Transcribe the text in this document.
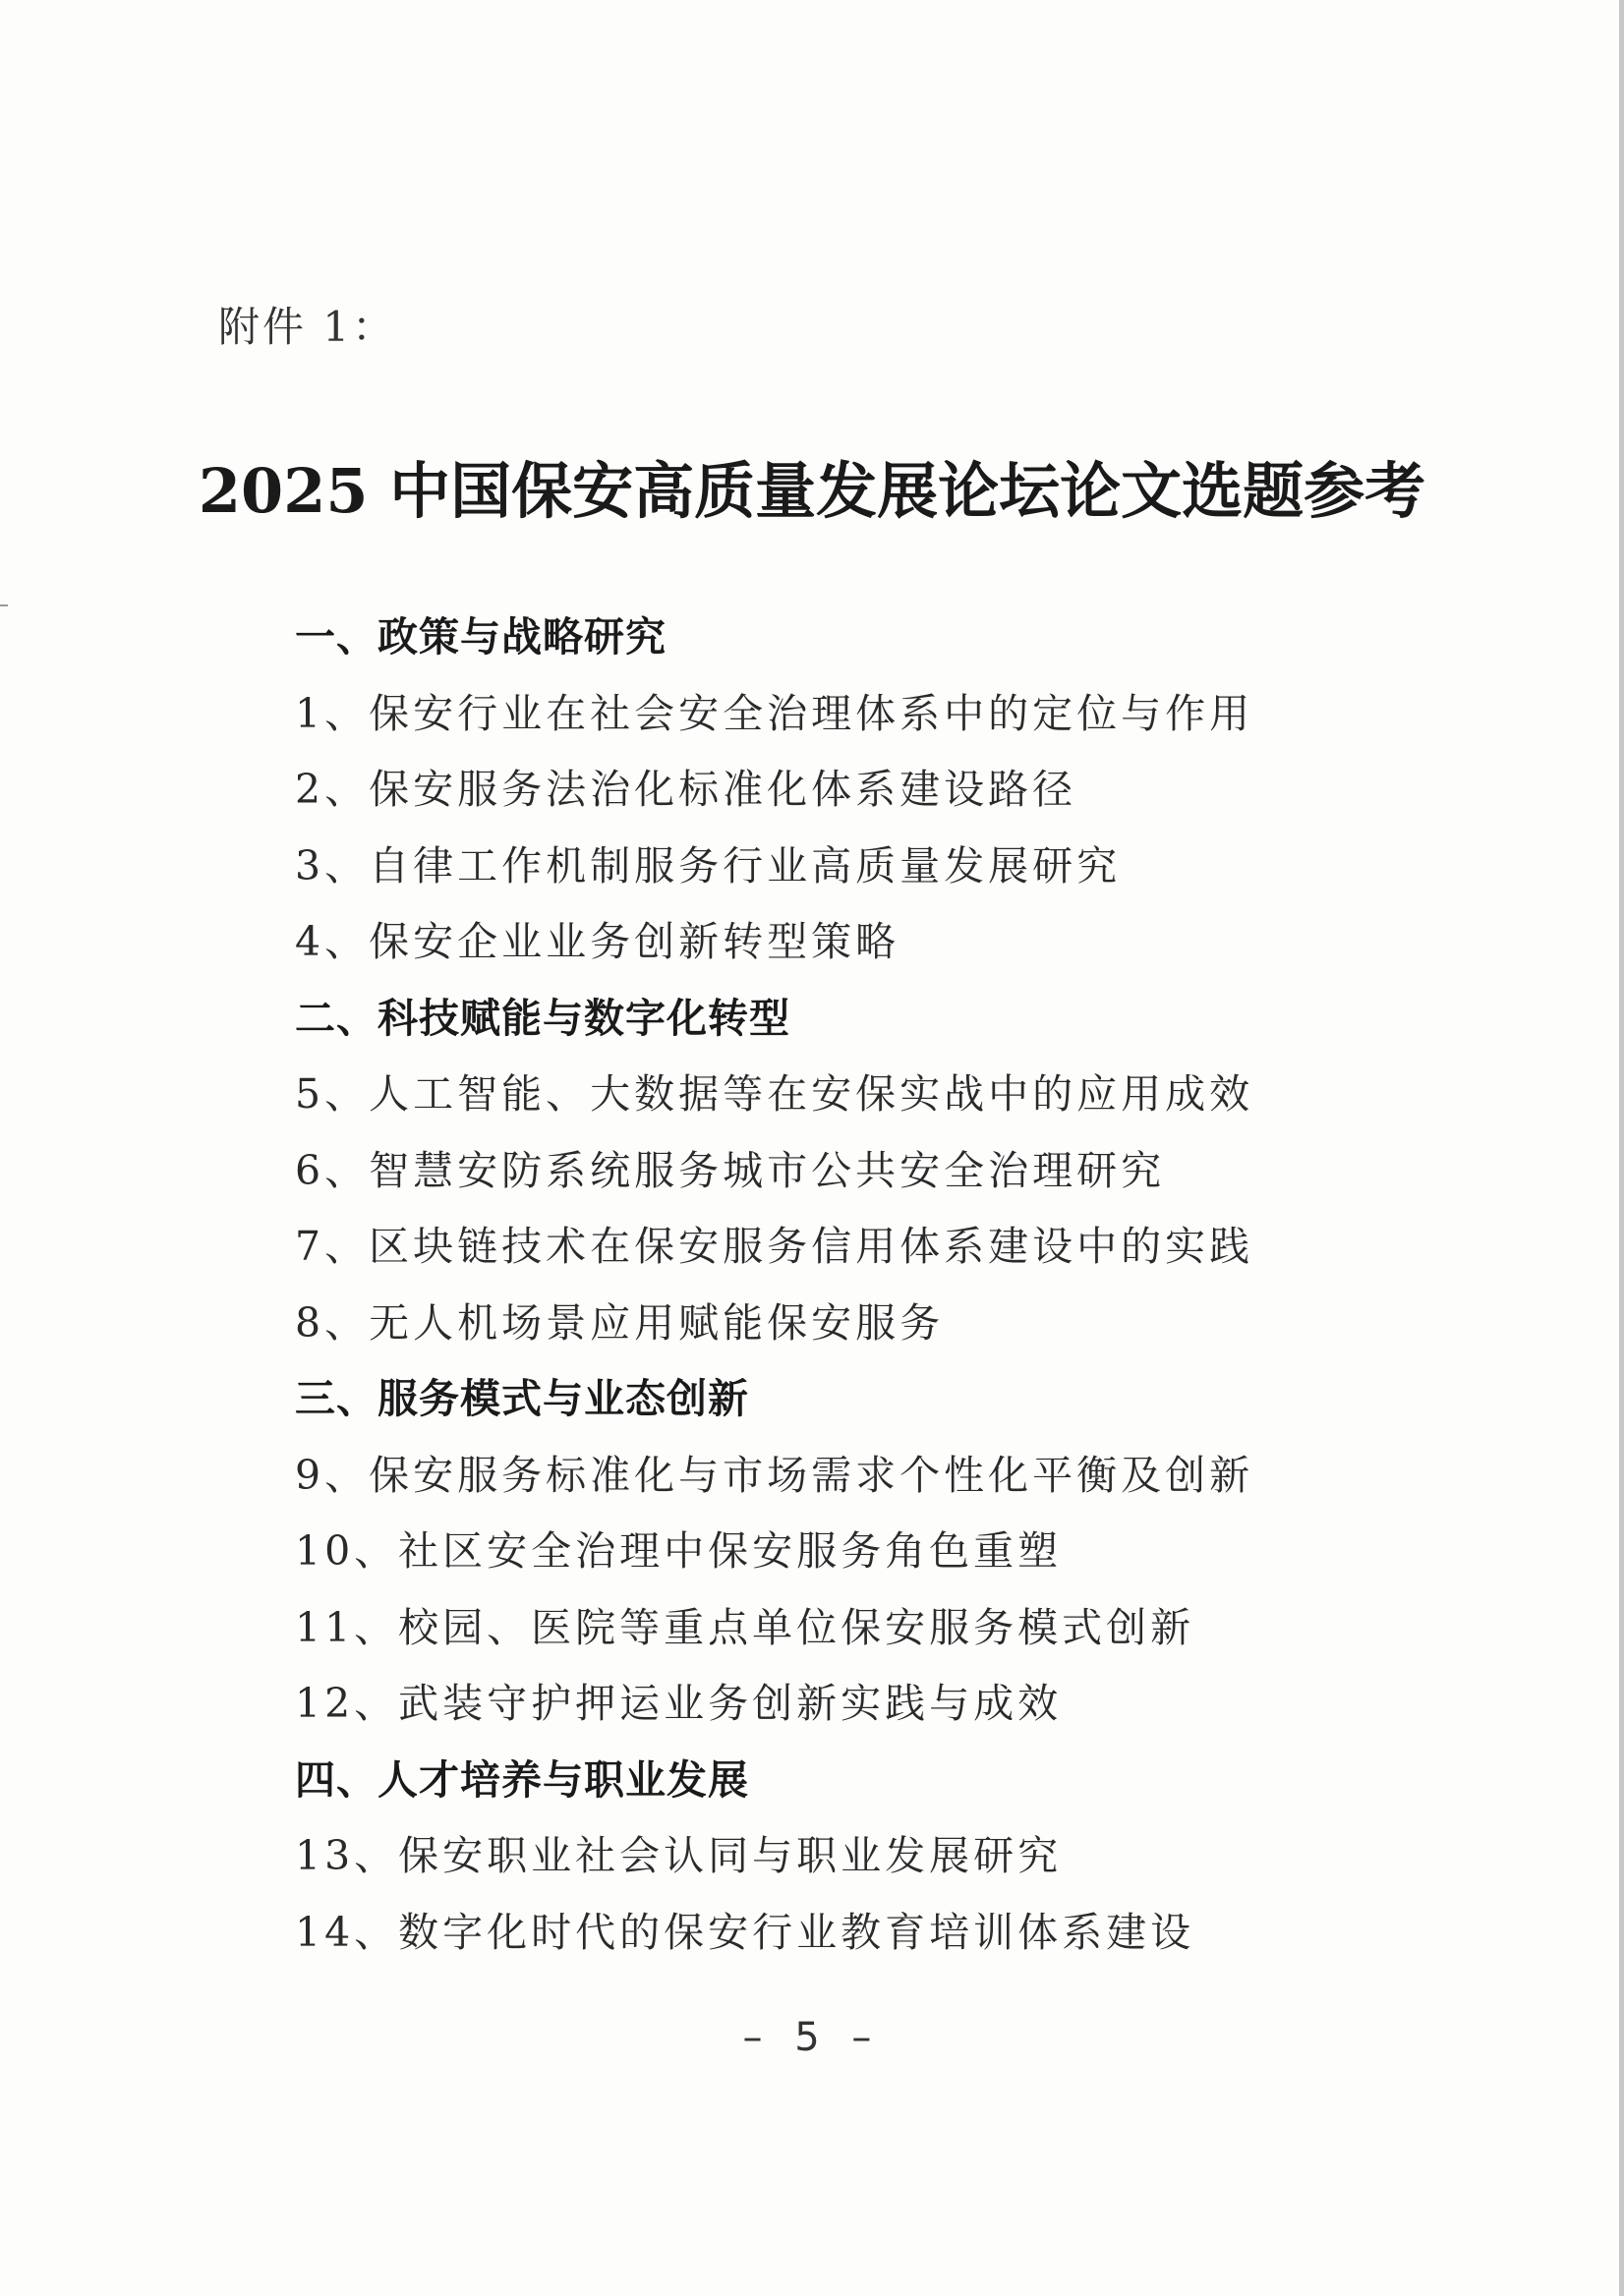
附件 1：
2025 中国保安高质量发展论坛论文选题参考
一、政策与战略研究
1、保安行业在社会安全治理体系中的定位与作用
2、保安服务法治化标准化体系建设路径
3、自律工作机制服务行业高质量发展研究
4、保安企业业务创新转型策略
二、科技赋能与数字化转型
5、人工智能、大数据等在安保实战中的应用成效
6、智慧安防系统服务城市公共安全治理研究
7、区块链技术在保安服务信用体系建设中的实践
8、无人机场景应用赋能保安服务
三、服务模式与业态创新
9、保安服务标准化与市场需求个性化平衡及创新
10、社区安全治理中保安服务角色重塑
11、校园、医院等重点单位保安服务模式创新
12、武装守护押运业务创新实践与成效
四、人才培养与职业发展
13、保安职业社会认同与职业发展研究
14、数字化时代的保安行业教育培训体系建设
– 5 –
